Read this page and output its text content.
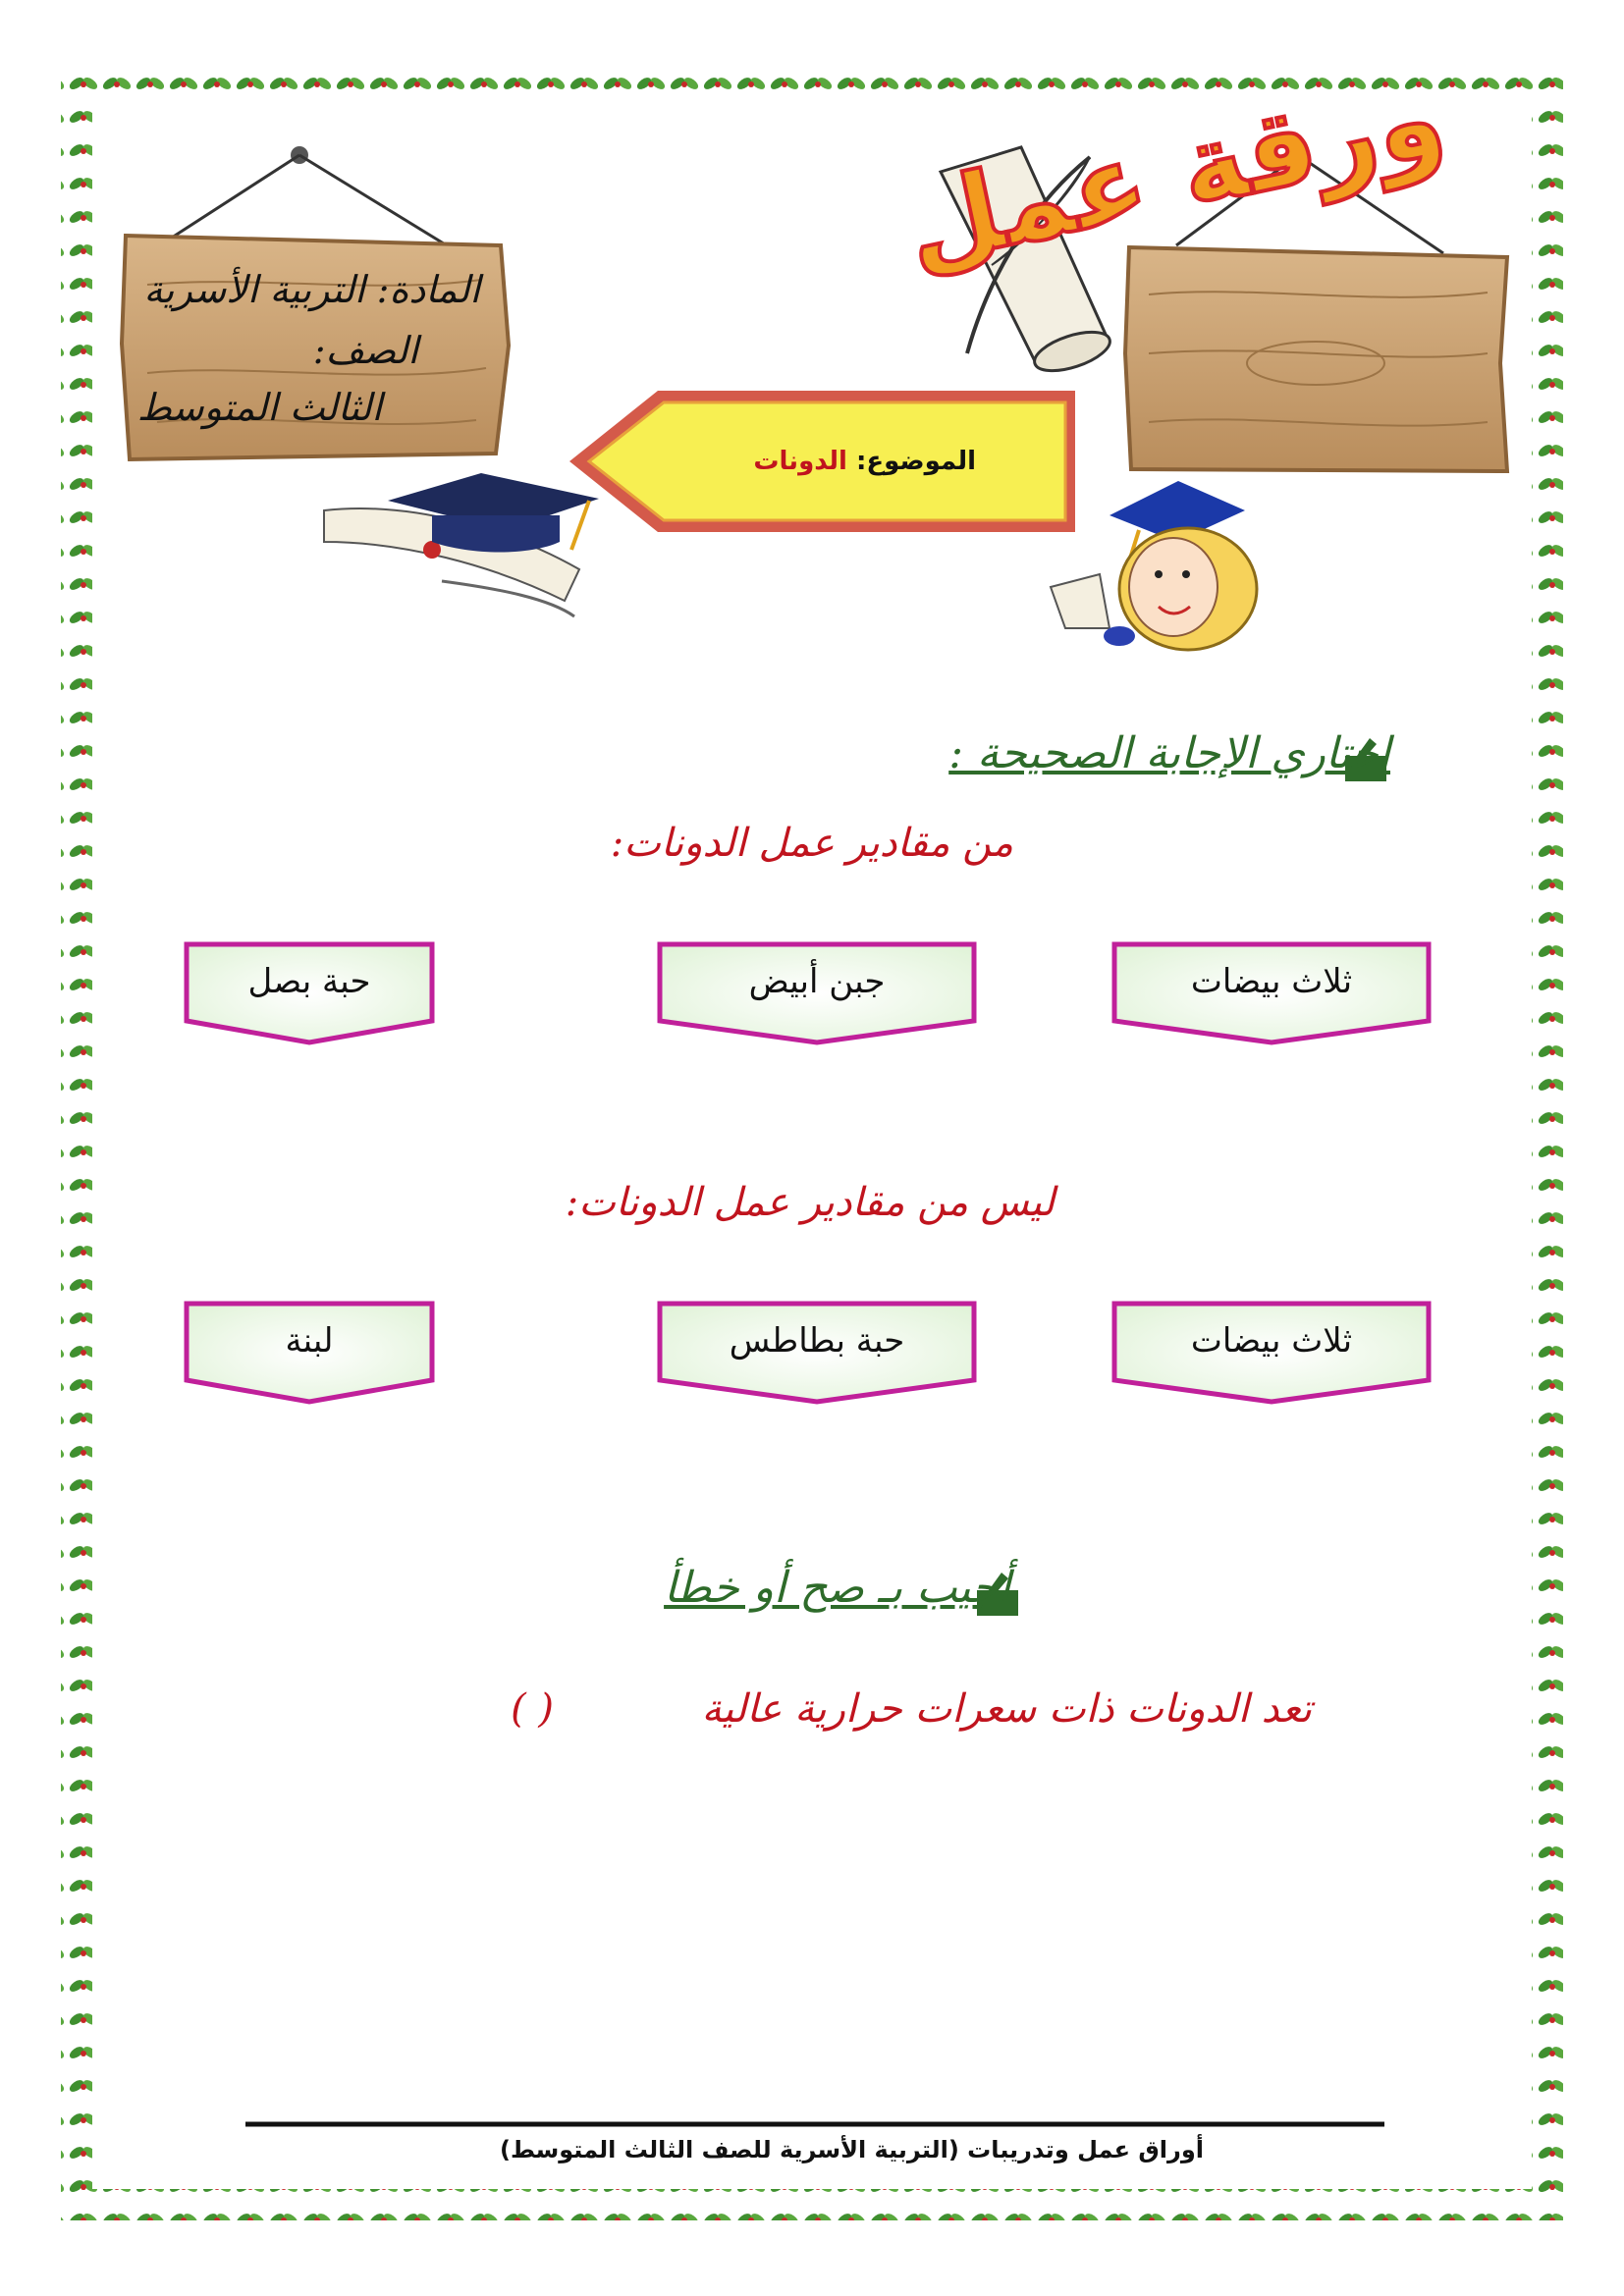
ورقة عمل
المادة: التربية الأسرية
الصف:
الثالث المتوسط
الموضوع: الدونات
اختاري الإجابة الصحيحة :
من مقادير عمل الدونات:
ثلاث بيضات
جبن أبيض
حبة بصل
ليس من مقادير عمل الدونات:
ثلاث بيضات
حبة بطاطس
لبنة
أجيب بـ صح أو خطأ
تعد الدونات ذات سعرات حرارية عالية
( )
أوراق عمل وتدريبات (التربية الأسرية للصف الثالث المتوسط)
